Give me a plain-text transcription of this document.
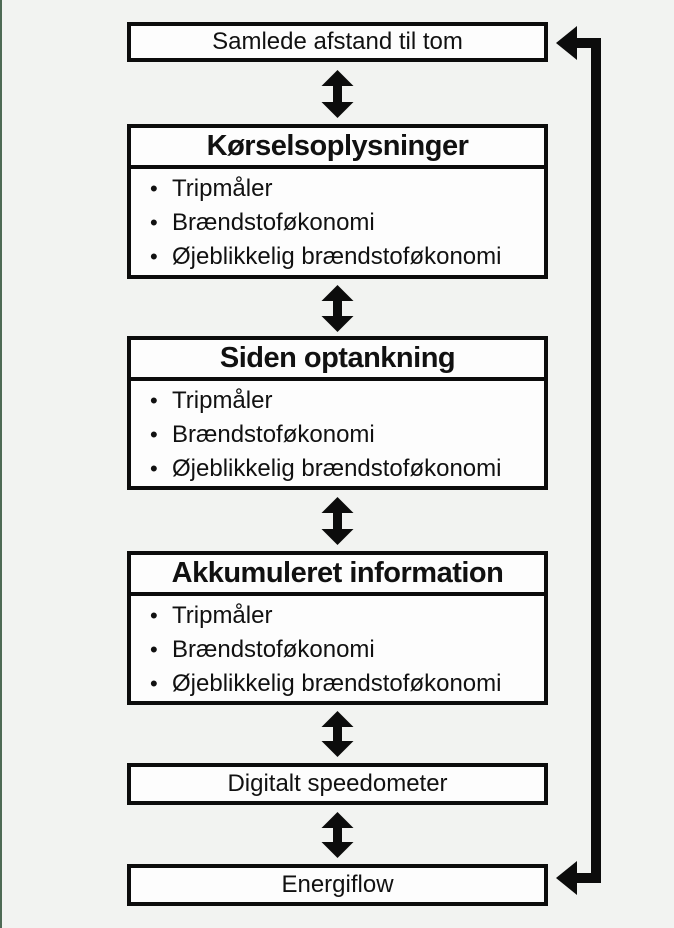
Samlede afstand til tom
Kørselsoplysninger
• Tripmåler
• Brændstoføkonomi
• Øjeblikkelig brændstoføkonomi
Siden optankning
• Tripmåler
• Brændstoføkonomi
• Øjeblikkelig brændstoføkonomi
Akkumuleret information
• Tripmåler
• Brændstoføkonomi
• Øjeblikkelig brændstoføkonomi
Digitalt speedometer
Energiflow
